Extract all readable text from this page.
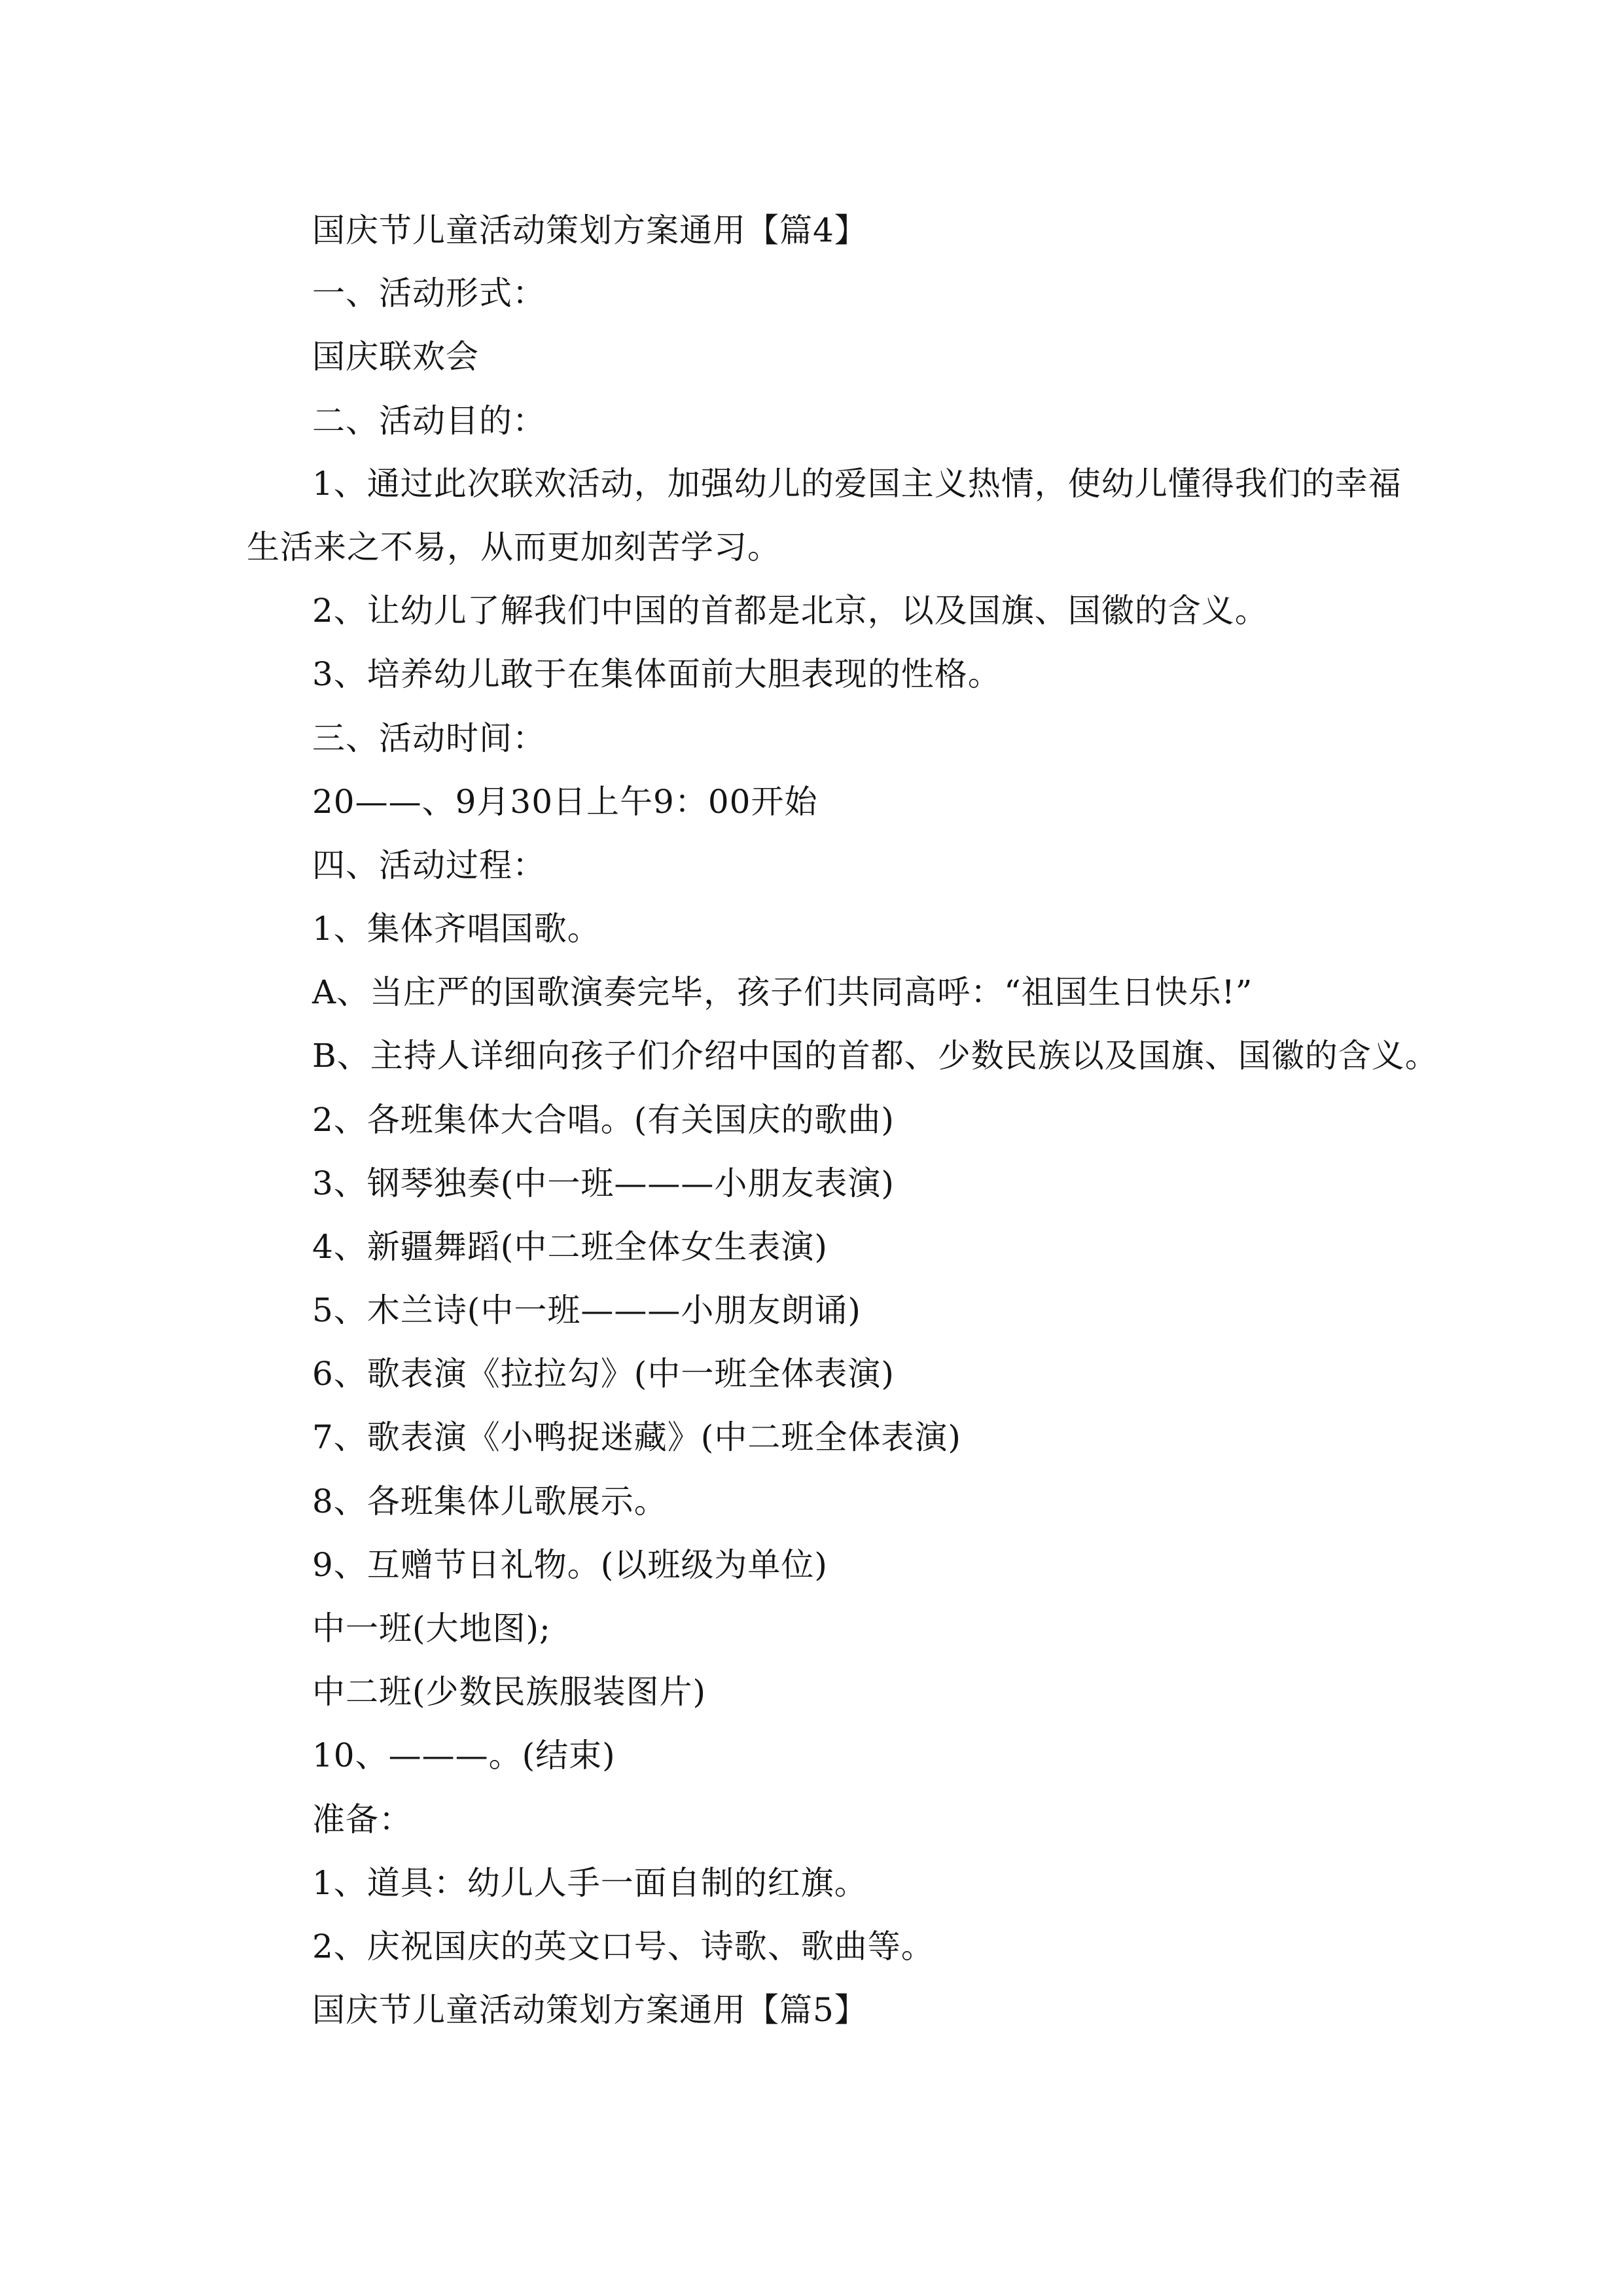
国庆节儿童活动策划方案通用【篇4】

一、活动形式：

国庆联欢会

二、活动目的：

1、通过此次联欢活动，加强幼儿的爱国主义热情，使幼儿懂得我们的幸福

生活来之不易，从而更加刻苦学习。

2、让幼儿了解我们中国的首都是北京，以及国旗、国徽的含义。

3、培养幼儿敢于在集体面前大胆表现的性格。

三、活动时间：

20——、9月30日上午9：00开始

四、活动过程：

1、集体齐唱国歌。

A、当庄严的国歌演奏完毕，孩子们共同高呼：“祖国生日快乐!”

B、主持人详细向孩子们介绍中国的首都、少数民族以及国旗、国徽的含义。

2、各班集体大合唱。(有关国庆的歌曲)

3、钢琴独奏(中一班———小朋友表演)

4、新疆舞蹈(中二班全体女生表演)

5、木兰诗(中一班———小朋友朗诵)

6、歌表演《拉拉勾》(中一班全体表演)

7、歌表演《小鸭捉迷藏》(中二班全体表演)

8、各班集体儿歌展示。

9、互赠节日礼物。(以班级为单位)

中一班(大地图);

中二班(少数民族服装图片)

10、———。(结束)

准备：

1、道具：幼儿人手一面自制的红旗。

2、庆祝国庆的英文口号、诗歌、歌曲等。

国庆节儿童活动策划方案通用【篇5】
